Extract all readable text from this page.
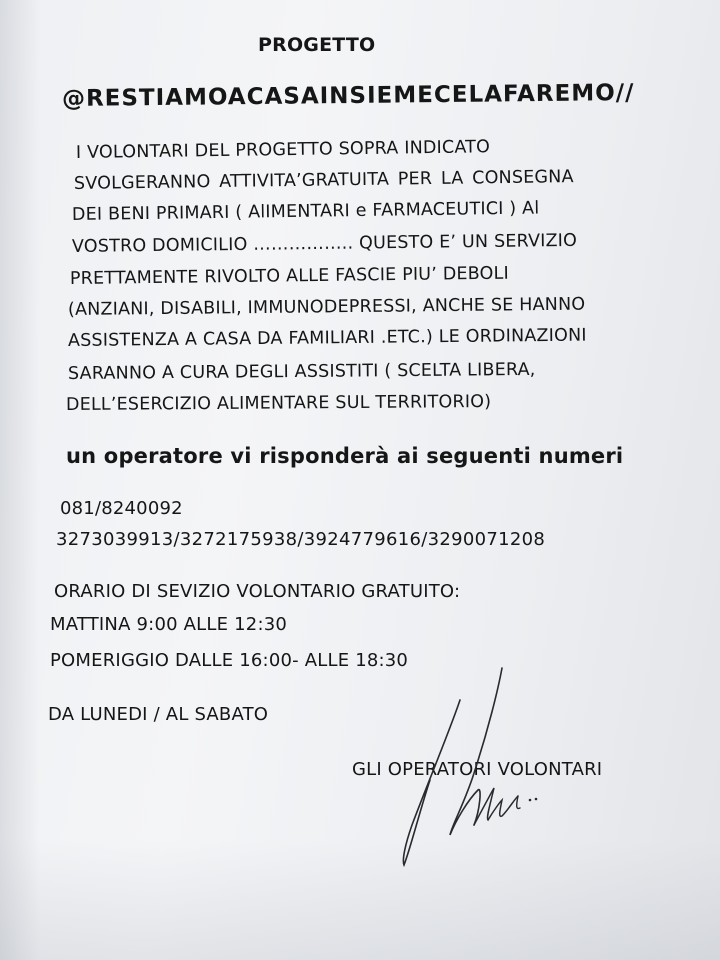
PROGETTO
@RESTIAMOACASAINSIEMECELAFAREMO//
I VOLONTARI DEL PROGETTO SOPRA INDICATO
SVOLGERANNO ATTIVITA’GRATUITA PER LA CONSEGNA
DEI BENI PRIMARI ( AlIMENTARI e FARMACEUTICI ) Al
VOSTRO DOMICILIO …………….. QUESTO E’ UN SERVIZIO
PRETTAMENTE RIVOLTO ALLE FASCIE PIU’ DEBOLI
(ANZIANI, DISABILI, IMMUNODEPRESSI, ANCHE SE HANNO
ASSISTENZA A CASA DA FAMILIARI .ETC.) LE ORDINAZIONI
SARANNO A CURA DEGLI ASSISTITI ( SCELTA LIBERA,
DELL’ESERCIZIO ALIMENTARE SUL TERRITORIO)
un operatore vi risponderà ai seguenti numeri
081/8240092
3273039913/3272175938/3924779616/3290071208
ORARIO DI SEVIZIO VOLONTARIO GRATUITO:
MATTINA 9:00 ALLE 12:30
POMERIGGIO DALLE 16:00- ALLE 18:30
DA LUNEDI / AL SABATO
GLI OPERATORI VOLONTARI
